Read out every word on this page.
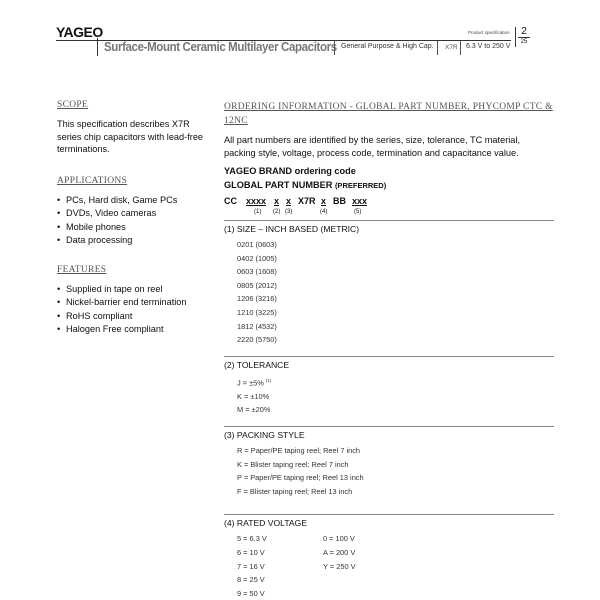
YAGEO
Surface-Mount Ceramic Multilayer Capacitors General Purpose & High Cap. X7R 6.3 V to 250 V
Product specification	2
25

SCOPE

This specification describes X7R series chip capacitors with lead-free terminations.

APPLICATIONS

• PCs, Hard disk, Game PCs
• DVDs, Video cameras
• Mobile phones
• Data processing

FEATURES

• Supplied in tape on reel
• Nickel-barrier end termination
• RoHS compliant
• Halogen Free compliant

ORDERING INFORMATION - GLOBAL PART NUMBER, PHYCOMP CTC & 12NC

All part numbers are identified by the series, size, tolerance, TC material, packing style, voltage, process code, termination and capacitance value.

YAGEO BRAND ordering code

GLOBAL PART NUMBER (PREFERRED)

CC xxxx x x X7R x BB xxx
(1) (2) (3)	(4)	(5)

(1) SIZE – INCH BASED (METRIC)

0201 (0603)
0402 (1005)
0603 (1608)
0805 (2012)
1206 (3216)
1210 (3225)
1812 (4532)
2220 (5750)

(2) TOLERANCE

J = ±5% $^{(1)}$
K = ±10%
M = ±20%

(3) PACKING STYLE

R = Paper/PE taping reel; Reel 7 inch
K = Blister taping reel; Reel 7 inch
P = Paper/PE taping reel; Reel 13 inch
F = Blister taping reel; Reel 13 inch

(4) RATED VOLTAGE

5 = 6.3 V
6 = 10 V
7 = 16 V
8 = 25 V
9 = 50 V
0 = 100 V
A = 200 V
Y = 250 V
